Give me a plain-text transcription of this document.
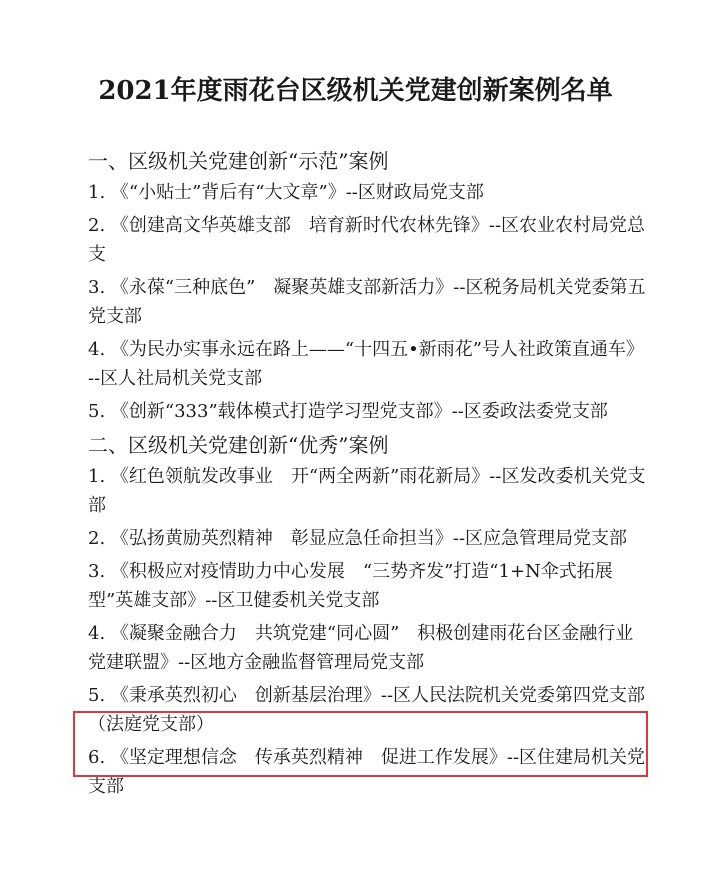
2021年度雨花台区级机关党建创新案例名单
一、区级机关党建创新“示范”案例
1. 《“小贴士”背后有“大文章”》--区财政局党支部
2. 《创建高文华英雄支部　培育新时代农林先锋》--区农业农村局党总支
3. 《永葆“三种底色”　凝聚英雄支部新活力》--区税务局机关党委第五党支部
4. 《为民办实事永远在路上——“十四五•新雨花”号人社政策直通车》--区人社局机关党支部
5. 《创新“333”载体模式打造学习型党支部》--区委政法委党支部
二、区级机关党建创新“优秀”案例
1. 《红色领航发改事业　开“两全两新”雨花新局》--区发改委机关党支部
2. 《弘扬黄励英烈精神　彰显应急任命担当》--区应急管理局党支部
3. 《积极应对疫情助力中心发展　“三势齐发”打造“1+N伞式拓展型”英雄支部》--区卫健委机关党支部
4. 《凝聚金融合力　共筑党建“同心圆”　积极创建雨花台区金融行业党建联盟》--区地方金融监督管理局党支部
5. 《秉承英烈初心　创新基层治理》--区人民法院机关党委第四党支部（法庭党支部）
6. 《坚定理想信念　传承英烈精神　促进工作发展》--区住建局机关党支部
